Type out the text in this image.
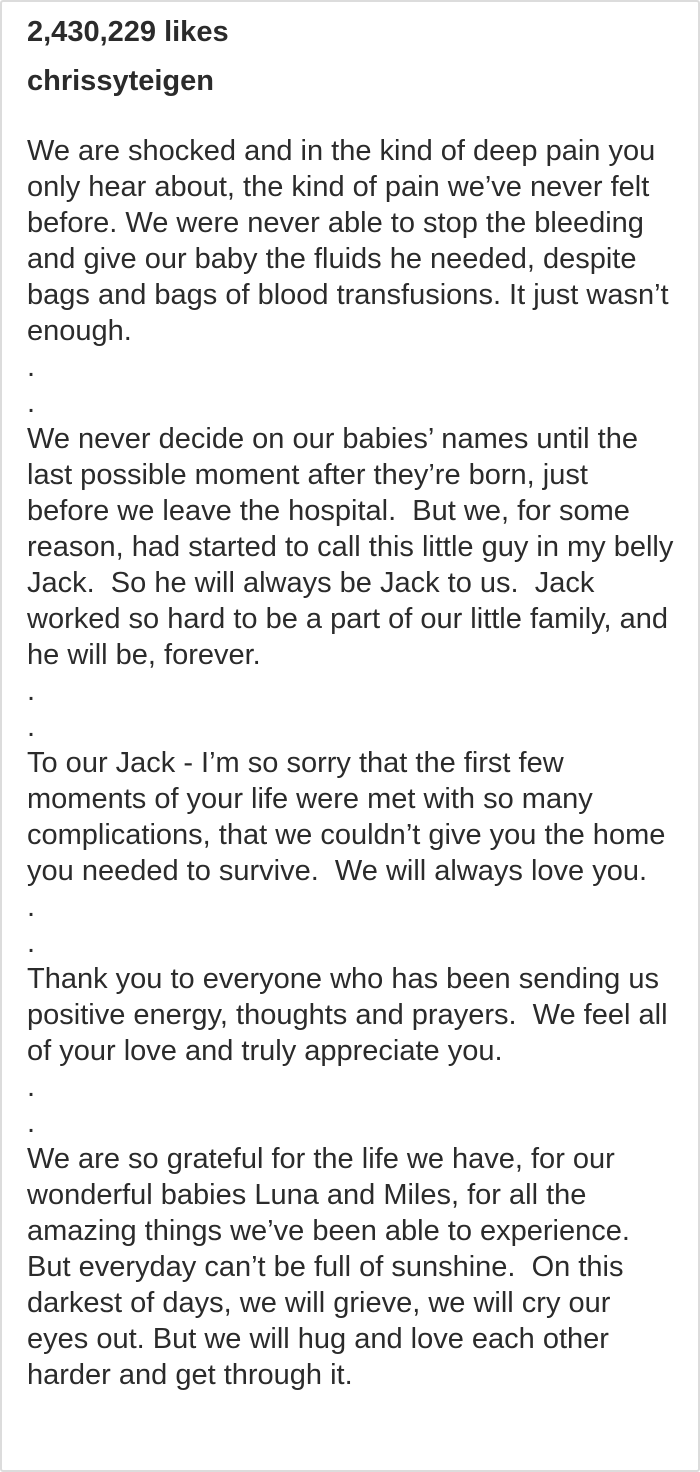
2,430,229 likes
chrissyteigen

We are shocked and in the kind of deep pain you only hear about, the kind of pain we’ve never felt before. We were never able to stop the bleeding and give our baby the fluids he needed, despite bags and bags of blood transfusions. It just wasn’t enough.

.

.

We never decide on our babies’ names until the last possible moment after they’re born, just before we leave the hospital.  But we, for some reason, had started to call this little guy in my belly Jack.  So he will always be Jack to us.  Jack worked so hard to be a part of our little family, and he will be, forever.

.

.

To our Jack - I’m so sorry that the first few moments of your life were met with so many complications, that we couldn’t give you the home you needed to survive.  We will always love you.

.

.

Thank you to everyone who has been sending us positive energy, thoughts and prayers.  We feel all of your love and truly appreciate you.

.

.

We are so grateful for the life we have, for our wonderful babies Luna and Miles, for all the amazing things we’ve been able to experience.  But everyday can’t be full of sunshine.  On this darkest of days, we will grieve, we will cry our eyes out. But we will hug and love each other harder and get through it.
